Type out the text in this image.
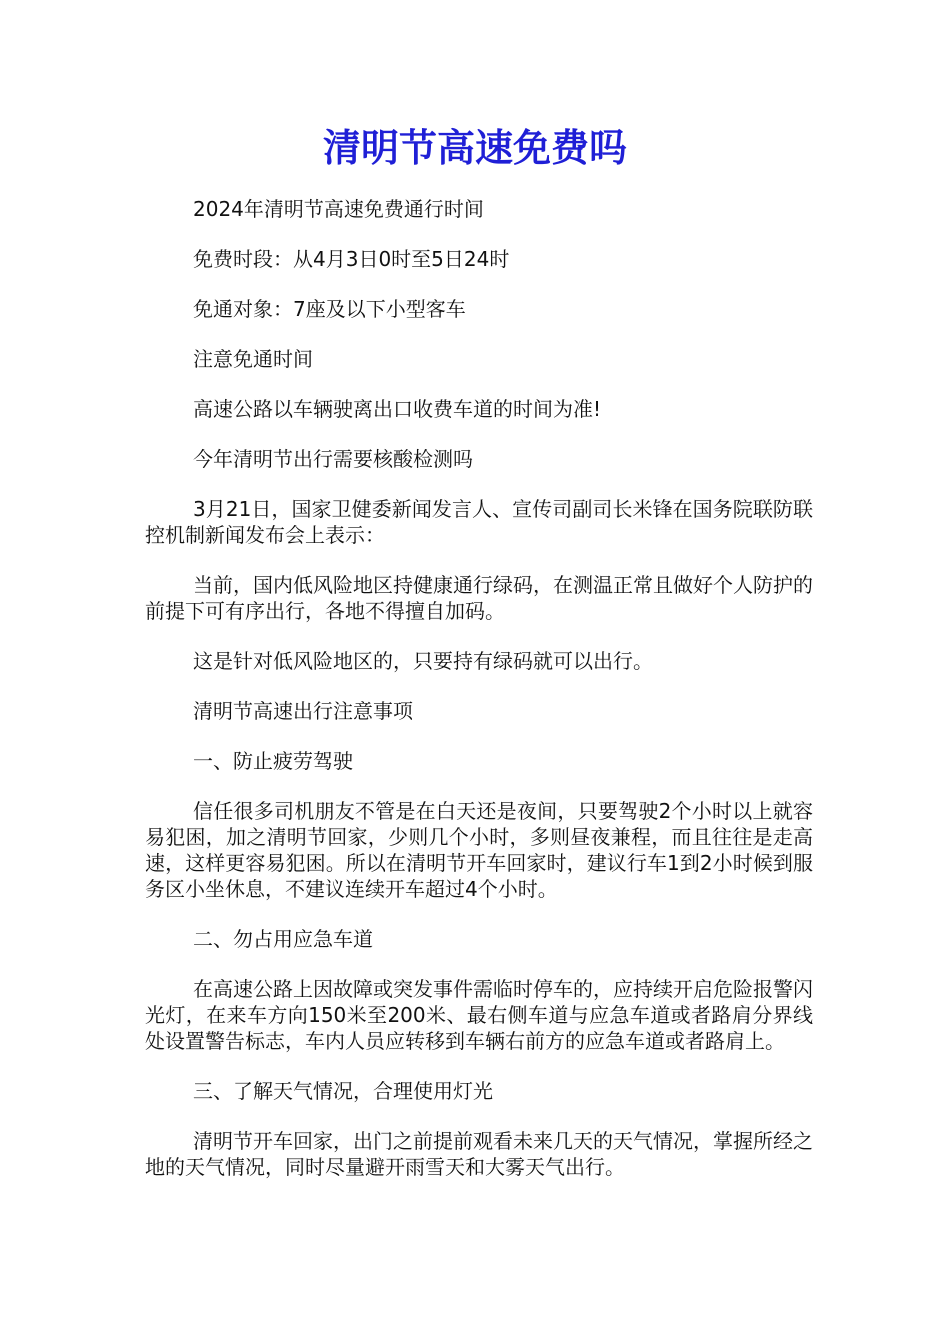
清明节高速免费吗

2024年清明节高速免费通行时间

免费时段：从4月3日0时至5日24时

免通对象：7座及以下小型客车

注意免通时间

高速公路以车辆驶离出口收费车道的时间为准!

今年清明节出行需要核酸检测吗

3月21日，国家卫健委新闻发言人、宣传司副司长米锋在国务院联防联控机制新闻发布会上表示：

当前，国内低风险地区持健康通行绿码，在测温正常且做好个人防护的前提下可有序出行，各地不得擅自加码。

这是针对低风险地区的，只要持有绿码就可以出行。

清明节高速出行注意事项

一、防止疲劳驾驶

信任很多司机朋友不管是在白天还是夜间，只要驾驶2个小时以上就容易犯困，加之清明节回家，少则几个小时，多则昼夜兼程，而且往往是走高速，这样更容易犯困。所以在清明节开车回家时，建议行车1到2小时候到服务区小坐休息，不建议连续开车超过4个小时。

二、勿占用应急车道

在高速公路上因故障或突发事件需临时停车的，应持续开启危险报警闪光灯，在来车方向150米至200米、最右侧车道与应急车道或者路肩分界线处设置警告标志，车内人员应转移到车辆右前方的应急车道或者路肩上。

三、了解天气情况，合理使用灯光

清明节开车回家，出门之前提前观看未来几天的天气情况，掌握所经之地的天气情况，同时尽量避开雨雪天和大雾天气出行。
